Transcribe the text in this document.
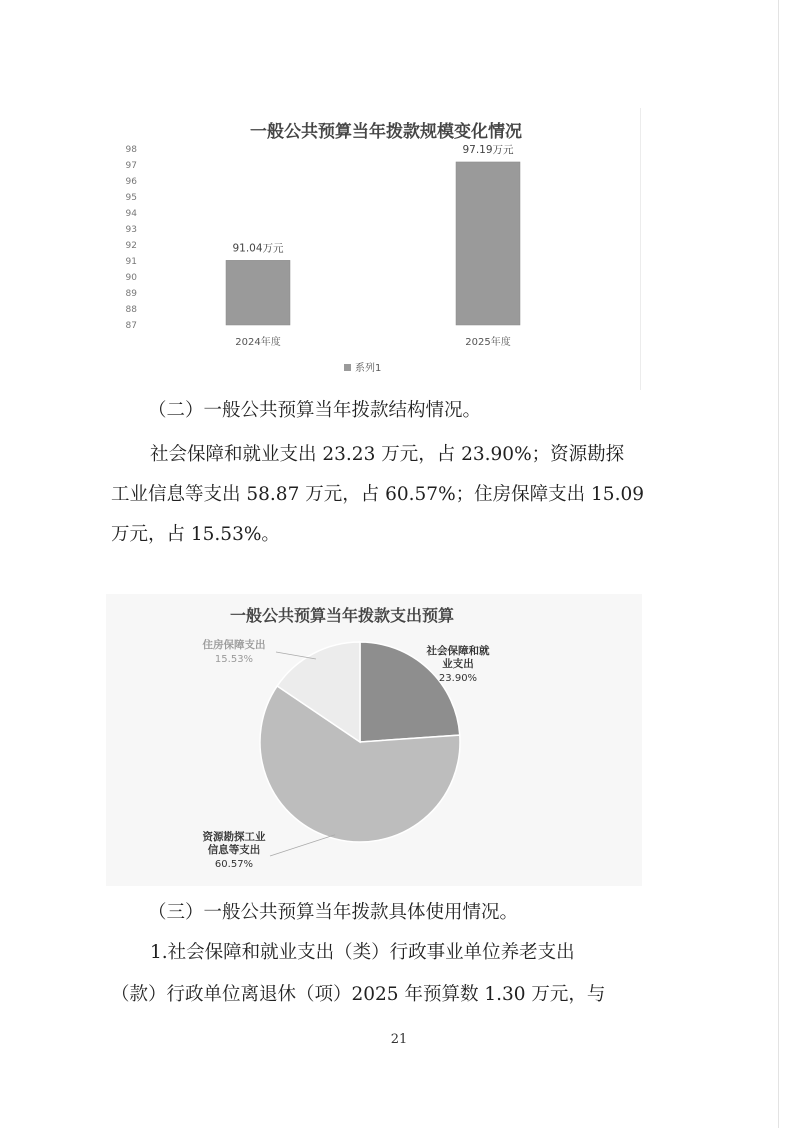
一般公共预算当年拨款规模变化情况
87
88
89
90
91
92
93
94
95
96
97
98
91.04万元
2024年度
97.19万元
2025年度
系列1
（二）一般公共预算当年拨款结构情况。
社会保障和就业支出 23.23 万元，占 23.90%；资源勘探
工业信息等支出 58.87 万元，占 60.57%；住房保障支出 15.09
万元，占 15.53%。
一般公共预算当年拨款支出预算
社会保障和就
业支出
23.90%
资源勘探工业
信息等支出
60.57%
住房保障支出
15.53%
（三）一般公共预算当年拨款具体使用情况。
1.社会保障和就业支出（类）行政事业单位养老支出
（款）行政单位离退休（项）2025 年预算数 1.30 万元，与
21
